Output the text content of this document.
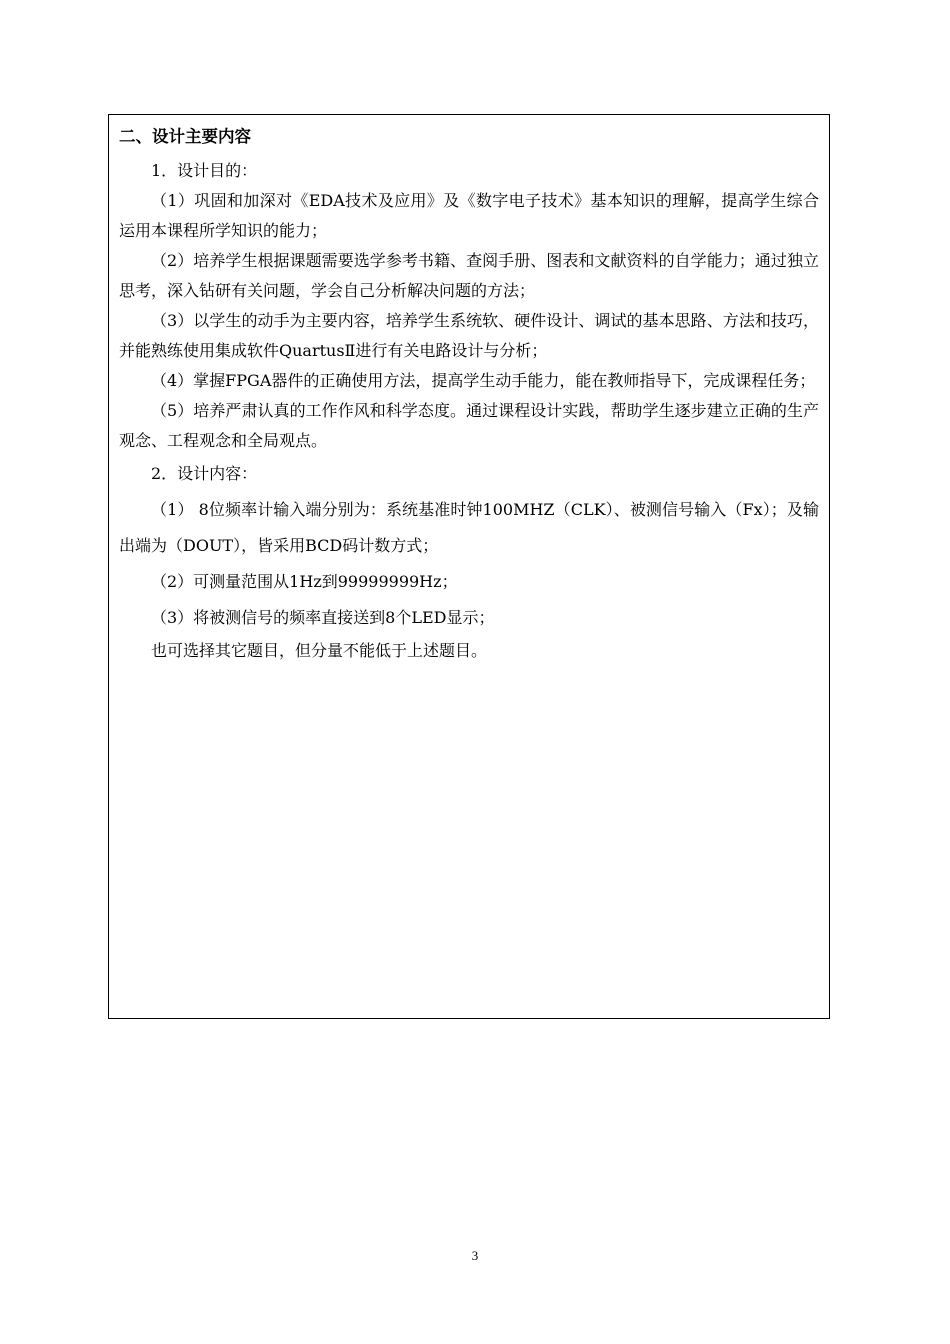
二、设计主要内容

1．设计目的：

（1）巩固和加深对《EDA技术及应用》及《数字电子技术》基本知识的理解，提高学生综合运用本课程所学知识的能力；

（2）培养学生根据课题需要选学参考书籍、查阅手册、图表和文献资料的自学能力；通过独立思考，深入钻研有关问题，学会自己分析解决问题的方法；

（3）以学生的动手为主要内容，培养学生系统软、硬件设计、调试的基本思路、方法和技巧，并能熟练使用集成软件QuartusⅡ进行有关电路设计与分析；

（4）掌握FPGA器件的正确使用方法，提高学生动手能力，能在教师指导下，完成课程任务；

（5）培养严肃认真的工作作风和科学态度。通过课程设计实践，帮助学生逐步建立正确的生产观念、工程观念和全局观点。

2．设计内容：

（1） 8位频率计输入端分别为：系统基准时钟100MHZ（CLK）、被测信号输入（Fx）；及输出端为（DOUT），皆采用BCD码计数方式；

（2）可测量范围从1Hz到99999999Hz；

（3）将被测信号的频率直接送到8个LED显示；

也可选择其它题目，但分量不能低于上述题目。

3
